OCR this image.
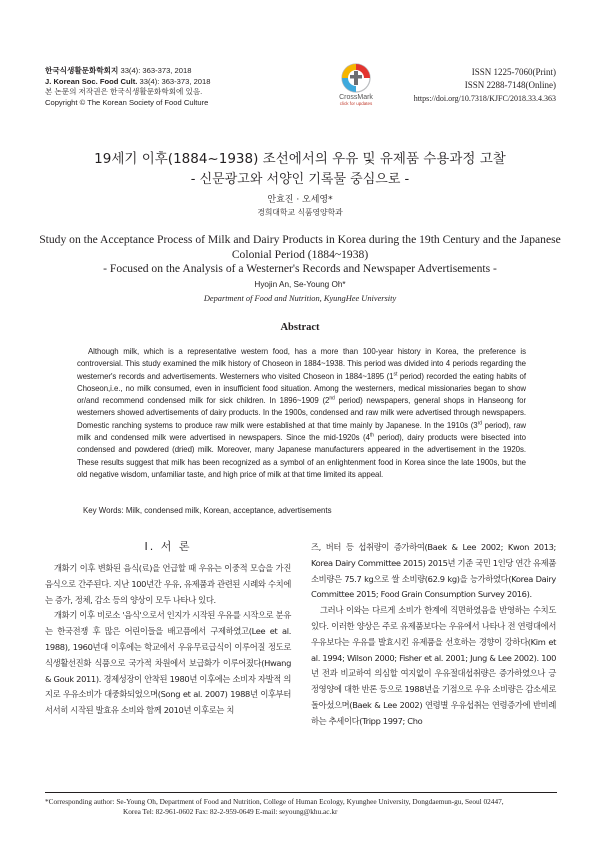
한국식생활문화학회지 33(4): 363-373, 2018
J. Korean Soc. Food Cult. 33(4): 363-373, 2018
본 논문의 저작권은 한국식생활문화학회에 있음.
Copyright © The Korean Society of Food Culture
CrossMark
click for updates
ISSN 1225-7060(Print)
ISSN 2288-7148(Online)
https://doi.org/10.7318/KJFC/2018.33.4.363
19세기 이후(1884~1938) 조선에서의 우유 및 유제품 수용과정 고찰
- 신문광고와 서양인 기록물 중심으로 -
안효진 · 오세영*
경희대학교 식품영양학과
Study on the Acceptance Process of Milk and Dairy Products in Korea during the 19th Century and the Japanese Colonial Period (1884~1938)
- Focused on the Analysis of a Westerner's Records and Newspaper Advertisements -
Hyojin An, Se-Young Oh*
Department of Food and Nutrition, KyungHee University
Abstract
Although milk, which is a representative western food, has a more than 100-year history in Korea, the preference is controversial. This study examined the milk history of Choseon in 1884~1938. This period was divided into 4 periods regarding the westerner's records and advertisements. Westerners who visited Choseon in 1884~1895 (1st period) recorded the eating habits of Choseon,i.e., no milk consumed, even in insufficient food situation. Among the westerners, medical missionaries began to show or/and recommend condensed milk for sick children. In 1896~1909 (2nd period) newspapers, general shops in Hanseong for westerners showed advertisements of dairy products. In the 1900s, condensed and raw milk were advertised through newspapers. Domestic ranching systems to produce raw milk were established at that time mainly by Japanese. In the 1910s (3rd period), raw milk and condensed milk were advertised in newspapers. Since the mid-1920s (4th period), dairy products were bisected into condensed and powdered (dried) milk. Moreover, many Japanese manufacturers appeared in the advertisement in the 1920s. These results suggest that milk has been recognized as a symbol of an enlightenment food in Korea since the late 1900s, but the old negative wisdom, unfamiliar taste, and high price of milk at that time limited its appeal.
Key Words: Milk, condensed milk, Korean, acceptance, advertisements
I. 서 론

개화기 이후 변화된 음식(료)을 언급할 때 우유는 이중적 모습을 가진 음식으로 간주된다. 지난 100년간 우유, 유제품과 관련된 시례와 수치에는 증가, 정체, 감소 등의 양상이 모두 나타나 있다.

개화기 이후 비로소 '음식'으로서 인지가 시작된 우유를 시작으로 분유는 한국전쟁 후 많은 어린이들을 배고픔에서 구제하였고(Lee et al. 1988), 1960년대 이후에는 학교에서 우유무료급식이 이루어질 정도로 식생활선진화 식품으로 국가적 차원에서 보급화가 이루어졌다(Hwang & Gouk 2011). 경제성장이 안착된 1980년 이후에는 소비자 자발적 의지로 우유소비가 대중화되었으며(Song et al. 2007) 1988년 이후부터 서서히 시작된 발효유 소비와 함께 2010년 이후로는 치

즈, 버터 등 섭취량이 증가하여(Baek & Lee 2002; Kwon 2013; Korea Dairy Committee 2015) 2015년 기준 국민 1인당 연간 유제품 소비량은 75.7 kg으로 쌀 소비량(62.9 kg)을 능가하였다(Korea Dairy Committee 2015; Food Grain Consumption Survey 2016).

그러나 이와는 다르게 소비가 한계에 직면하였음을 반영하는 수치도 있다. 이러한 양상은 주로 유제품보다는 우유에서 나타나 전 연령대에서 우유보다는 우유를 발효시킨 유제품을 선호하는 경향이 강하다(Kim et al. 1994; Wilson 2000; Fisher et al. 2001; Jung & Lee 2002). 100년 전과 비교하여 의심할 여지없이 우유절대섭취량은 증가하였으나 긍정영양에 대한 반론 등으로 1988년을 기점으로 우유 소비량은 감소세로 돌아섰으며(Baek & Lee 2002) 연령별 우유섭취는 연령증가에 반비례하는 추세이다(Tripp 1997; Cho

*Corresponding author: Se-Young Oh, Department of Food and Nutrition, College of Human Ecology, Kyunghee University, Dongdaemun-gu, Seoul 02447,
Korea Tel: 82-961-0602 Fax: 82-2-959-0649 E-mail: seyoung@khu.ac.kr
